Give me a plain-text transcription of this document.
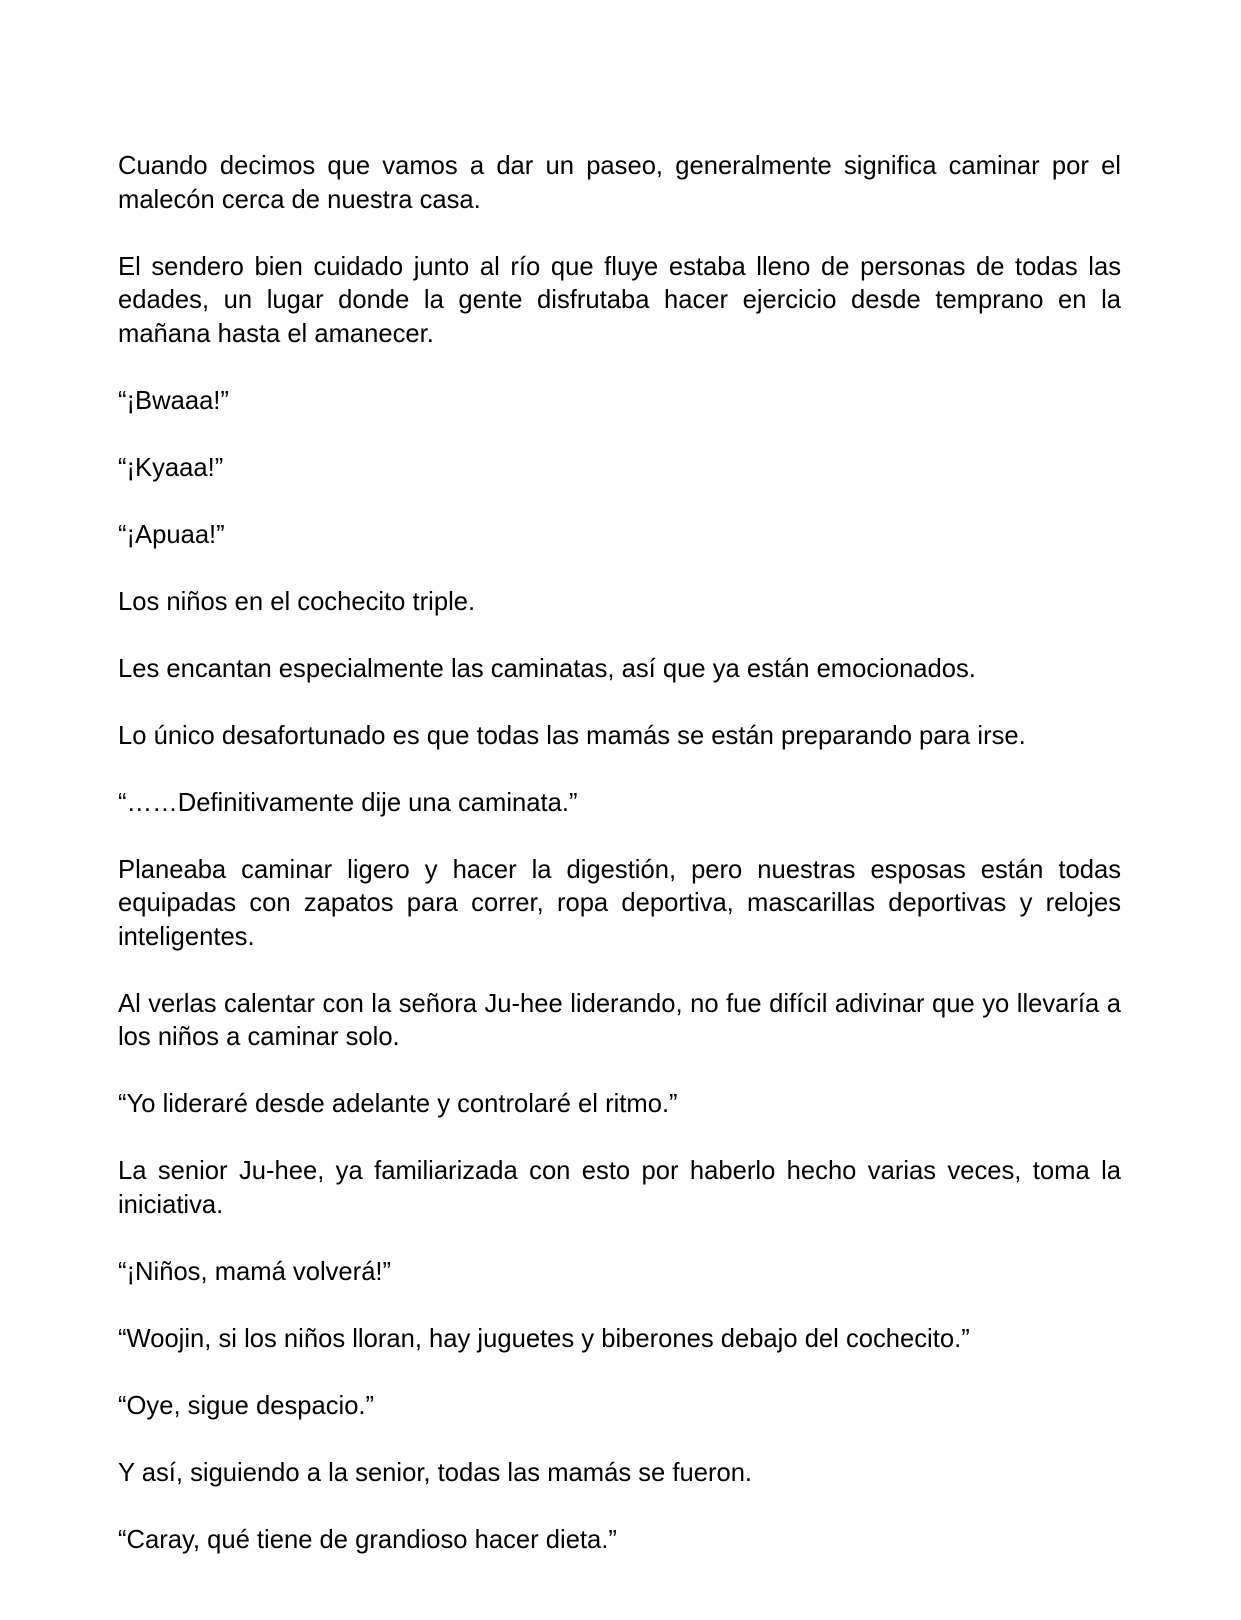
Cuando decimos que vamos a dar un paseo, generalmente significa caminar por el malecón cerca de nuestra casa.

El sendero bien cuidado junto al río que fluye estaba lleno de personas de todas las edades, un lugar donde la gente disfrutaba hacer ejercicio desde temprano en la mañana hasta el amanecer.

“¡Bwaaa!”

“¡Kyaaa!”

“¡Apuaa!”

Los niños en el cochecito triple.

Les encantan especialmente las caminatas, así que ya están emocionados.

Lo único desafortunado es que todas las mamás se están preparando para irse.

“……Definitivamente dije una caminata.”

Planeaba caminar ligero y hacer la digestión, pero nuestras esposas están todas equipadas con zapatos para correr, ropa deportiva, mascarillas deportivas y relojes inteligentes.

Al verlas calentar con la señora Ju-hee liderando, no fue difícil adivinar que yo llevaría a los niños a caminar solo.

“Yo lideraré desde adelante y controlaré el ritmo.”

La senior Ju-hee, ya familiarizada con esto por haberlo hecho varias veces, toma la iniciativa.

“¡Niños, mamá volverá!”

“Woojin, si los niños lloran, hay juguetes y biberones debajo del cochecito.”

“Oye, sigue despacio.”

Y así, siguiendo a la senior, todas las mamás se fueron.

“Caray, qué tiene de grandioso hacer dieta.”
